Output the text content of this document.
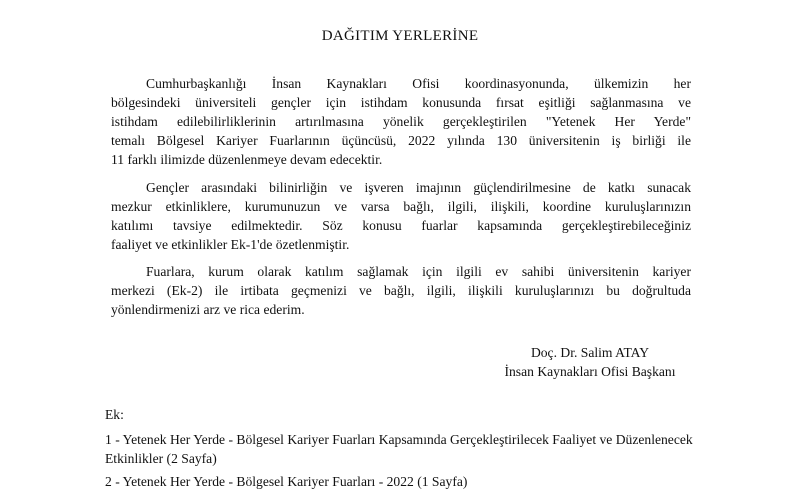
DAĞITIM YERLERİNE

Cumhurbaşkanlığı İnsan Kaynakları Ofisi koordinasyonunda, ülkemizin her
bölgesindeki üniversiteli gençler için istihdam konusunda fırsat eşitliği sağlanmasına ve
istihdam edilebilirliklerinin artırılmasına yönelik gerçekleştirilen "Yetenek Her Yerde"
temalı Bölgesel Kariyer Fuarlarının üçüncüsü, 2022 yılında 130 üniversitenin iş birliği ile
11 farklı ilimizde düzenlenmeye devam edecektir.

Gençler arasındaki bilinirliğin ve işveren imajının güçlendirilmesine de katkı sunacak
mezkur etkinliklere, kurumunuzun ve varsa bağlı, ilgili, ilişkili, koordine kuruluşlarınızın
katılımı tavsiye edilmektedir. Söz konusu fuarlar kapsamında gerçekleştirebileceğiniz
faaliyet ve etkinlikler Ek-1'de özetlenmiştir.

Fuarlara, kurum olarak katılım sağlamak için ilgili ev sahibi üniversitenin kariyer
merkezi (Ek-2) ile irtibata geçmenizi ve bağlı, ilgili, ilişkili kuruluşlarınızı bu doğrultuda
yönlendirmenizi arz ve rica ederim.

Doç. Dr. Salim ATAY
İnsan Kaynakları Ofisi Başkanı
Ek:
1 - Yetenek Her Yerde - Bölgesel Kariyer Fuarları Kapsamında Gerçekleştirilecek Faaliyet ve Düzenlenecek Etkinlikler (2 Sayfa)
2 - Yetenek Her Yerde - Bölgesel Kariyer Fuarları - 2022 (1 Sayfa)
